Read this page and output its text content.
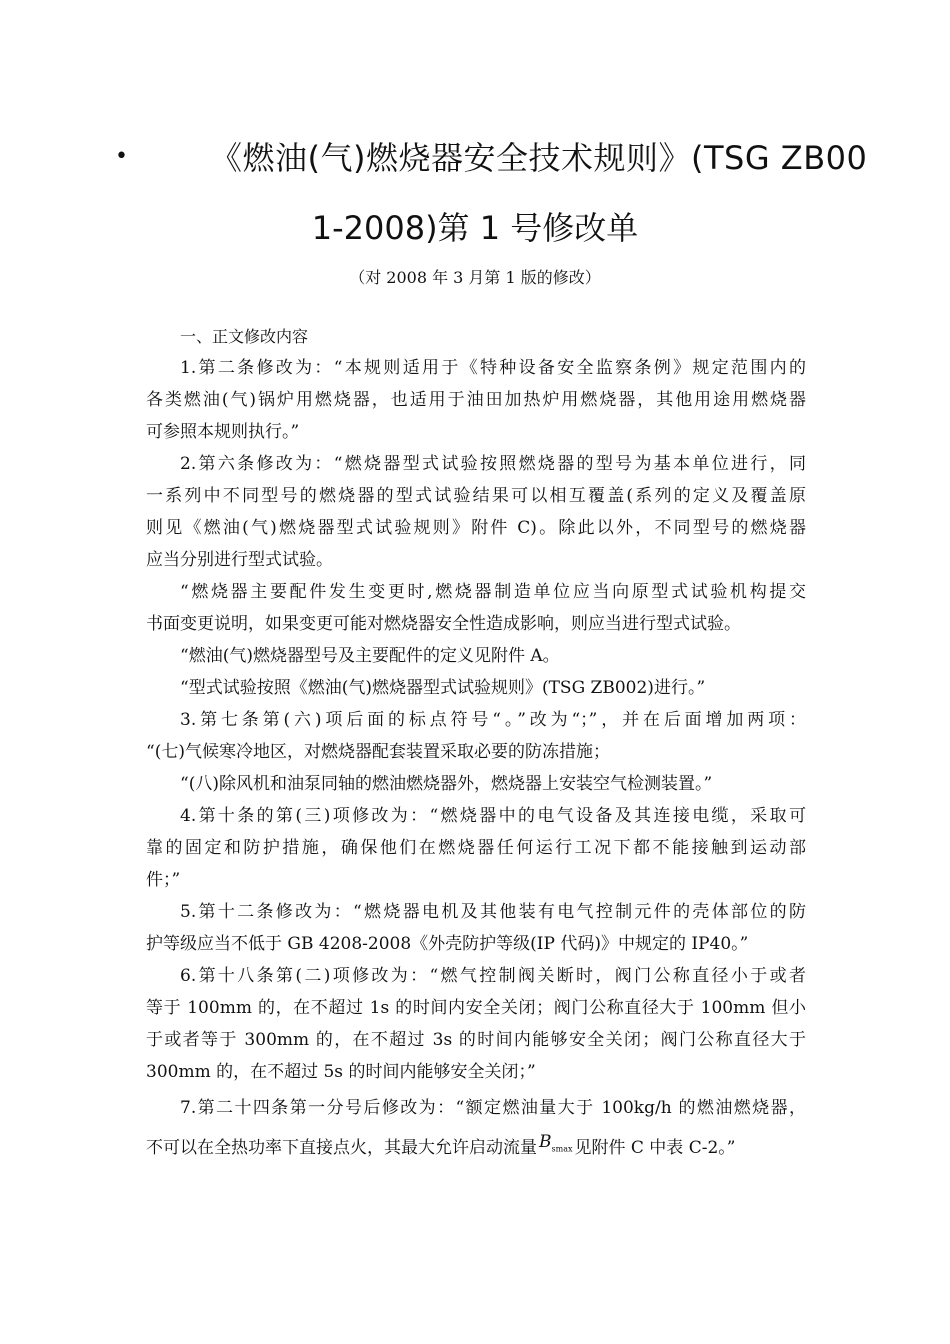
•	《燃油(气)燃烧器安全技术规则》(TSG ZB00
1-2008)第 1 号修改单
（对 2008 年 3 月第 1 版的修改）
一、正文修改内容
1.第二条修改为：“本规则适用于《特种设备安全监察条例》规定范围内的
各类燃油(气)锅炉用燃烧器，也适用于油田加热炉用燃烧器，其他用途用燃烧器
可参照本规则执行。”
2.第六条修改为：“燃烧器型式试验按照燃烧器的型号为基本单位进行，同
一系列中不同型号的燃烧器的型式试验结果可以相互覆盖(系列的定义及覆盖原
则见《燃油(气)燃烧器型式试验规则》附件 C)。除此以外，不同型号的燃烧器
应当分别进行型式试验。
“燃烧器主要配件发生变更时,燃烧器制造单位应当向原型式试验机构提交
书面变更说明，如果变更可能对燃烧器安全性造成影响，则应当进行型式试验。
“燃油(气)燃烧器型号及主要配件的定义见附件 A。
“型式试验按照《燃油(气)燃烧器型式试验规则》(TSG ZB002)进行。”
3.第七条第(六)项后面的标点符号“。”改为“；”，并在后面增加两项：
“(七)气候寒冷地区，对燃烧器配套装置采取必要的防冻措施；
“(八)除风机和油泵同轴的燃油燃烧器外，燃烧器上安装空气检测装置。”
4.第十条的第(三)项修改为：“燃烧器中的电气设备及其连接电缆，采取可
靠的固定和防护措施，确保他们在燃烧器任何运行工况下都不能接触到运动部
件；”
5.第十二条修改为：“燃烧器电机及其他装有电气控制元件的壳体部位的防
护等级应当不低于 GB 4208-2008《外壳防护等级(IP 代码)》中规定的 IP40。”
6.第十八条第(二)项修改为：“燃气控制阀关断时，阀门公称直径小于或者
等于 100mm 的，在不超过 1s 的时间内安全关闭；阀门公称直径大于 100mm 但小
于或者等于 300mm 的，在不超过 3s 的时间内能够安全关闭；阀门公称直径大于
300mm 的，在不超过 5s 的时间内能够安全关闭；”
7.第二十四条第一分号后修改为：“额定燃油量大于 100kg/h 的燃油燃烧器，
不可以在全热功率下直接点火，其最大允许启动流量 $B_{smax}$ 见附件 C 中表 C-2。”
